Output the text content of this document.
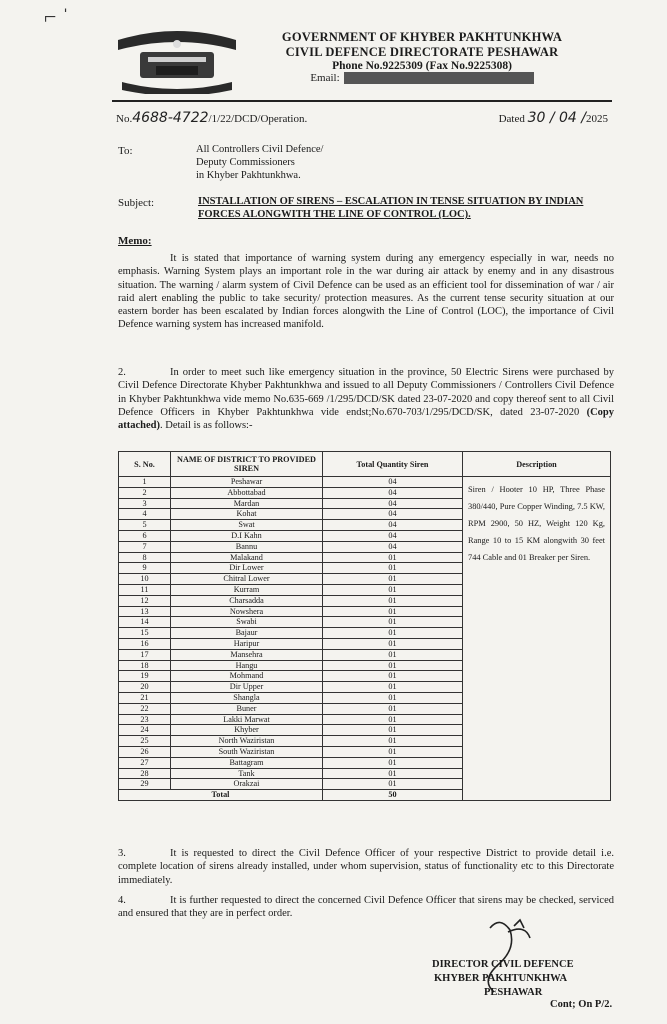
⌐ ˈ
GOVERNMENT OF KHYBER PAKHTUNKHWA
CIVIL DEFENCE DIRECTORATE PESHAWAR
Phone No.9225309 (Fax No.9225308)
Email:
No.4688-4722/1/22/DCD/Operation.	Dated 30 / 04 /2025
To:	All Controllers Civil Defence/
Deputy Commissioners
in Khyber Pakhtunkhwa.
Subject:	INSTALLATION OF SIRENS – ESCALATION IN TENSE SITUATION BY INDIAN FORCES ALONGWITH THE LINE OF CONTROL (LOC).
Memo:
It is stated that importance of warning system during any emergency especially in war, needs no emphasis. Warning System plays an important role in the war during air attack by enemy and in any disastrous situation. The warning / alarm system of Civil Defence can be used as an efficient tool for dissemination of war / air raid alert enabling the public to take security/ protection measures. As the current tense security situation at our eastern border has been escalated by Indian forces alongwith the Line of Control (LOC), the importance of Civil Defence warning system has increased manifold.
2.	In order to meet such like emergency situation in the province, 50 Electric Sirens were purchased by Civil Defence Directorate Khyber Pakhtunkhwa and issued to all Deputy Commissioners / Controllers Civil Defence in Khyber Pakhtunkhwa vide memo No.635-669 /1/295/DCD/SK dated 23-07-2020 and copy thereof sent to all Civil Defence Officers in Khyber Pakhtunkhwa vide endst;No.670-703/1/295/DCD/SK, dated 23-07-2020 (Copy attached). Detail is as follows:-
S. No.	NAME OF DISTRICT TO PROVIDED SIREN	Total Quantity Siren	Description
1	Peshawar	04	Siren / Hooter 10 HP, Three Phase 380/440, Pure Copper Winding, 7.5 KW, RPM 2900, 50 HZ, Weight 120 Kg, Range 10 to 15 KM alongwith 30 feet 744 Cable and 01 Breaker per Siren.
2	Abbottabad	04	
3	Mardan	04	
4	Kohat	04	
5	Swat	04	
6	D.I Kahn	04	
7	Bannu	04	
8	Malakand	01	
9	Dir Lower	01	
10	Chitral Lower	01	
11	Kurram	01	
12	Charsadda	01	
13	Nowshera	01	
14	Swabi	01	
15	Bajaur	01	
16	Haripur	01	
17	Mansehra	01	
18	Hangu	01	
19	Mohmand	01	
20	Dir Upper	01	
21	Shangla	01	
22	Buner	01	
23	Lakki Marwat	01	
24	Khyber	01	
25	North Waziristan	01	
26	South Waziristan	01	
27	Battagram	01	
28	Tank	01	
29	Orakzai	01	
Total		50	
3.	It is requested to direct the Civil Defence Officer of your respective District to provide detail i.e. complete location of sirens already installed, under whom supervision, status of functionality etc to this Directorate immediately.
4.	It is further requested to direct the concerned Civil Defence Officer that sirens may be checked, serviced and ensured that they are in perfect order.
DIRECTOR CIVIL DEFENCE
KHYBER PAKHTUNKHWA
PESHAWAR
Cont; On P/2.
